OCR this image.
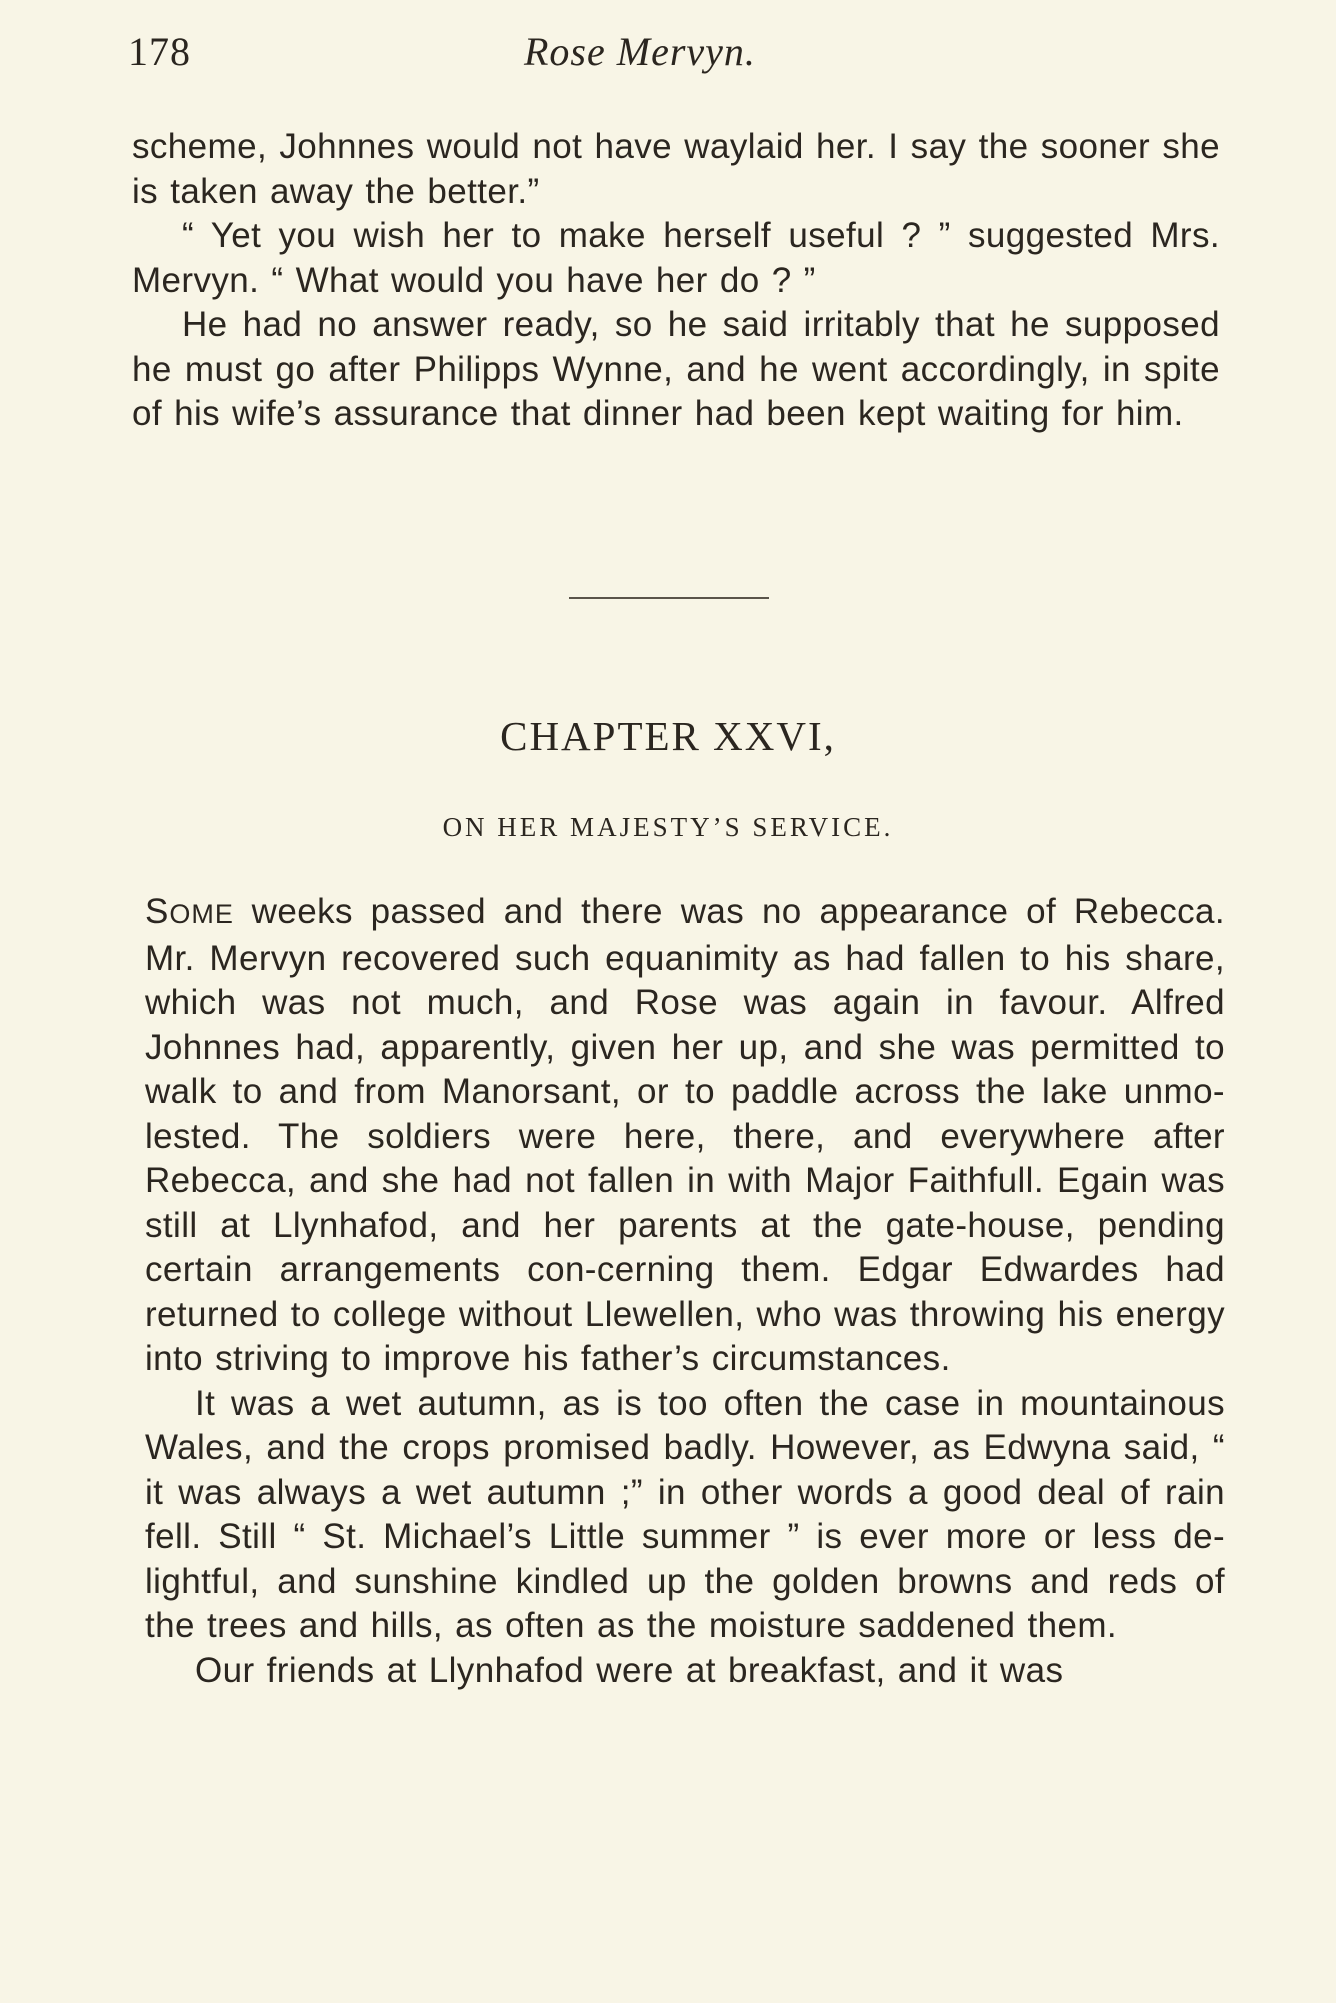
178	Rose Mervyn.

scheme, Johnnes would not have waylaid her. I say the sooner she is taken away the better.”

“ Yet you wish her to make herself useful ? ” suggested Mrs. Mervyn. “ What would you have her do ? ”

He had no answer ready, so he said irritably that he supposed he must go after Philipps Wynne, and he went accordingly, in spite of his wife’s assurance that dinner had been kept waiting for him.

CHAPTER XXVI,
ON HER MAJESTY’S SERVICE.

SOME weeks passed and there was no appearance of Rebecca. Mr. Mervyn recovered such equanimity as had fallen to his share, which was not much, and Rose was again in favour. Alfred Johnnes had, apparently, given her up, and she was permitted to walk to and from Manorsant, or to paddle across the lake unmo-lested. The soldiers were here, there, and everywhere after Rebecca, and she had not fallen in with Major Faithfull. Egain was still at Llynhafod, and her parents at the gate-house, pending certain arrangements con-cerning them. Edgar Edwardes had returned to college without Llewellen, who was throwing his energy into striving to improve his father’s circumstances.

It was a wet autumn, as is too often the case in mountainous Wales, and the crops promised badly. However, as Edwyna said, “ it was always a wet autumn ;” in other words a good deal of rain fell. Still “ St. Michael’s Little summer ” is ever more or less de-lightful, and sunshine kindled up the golden browns and reds of the trees and hills, as often as the moisture saddened them.

Our friends at Llynhafod were at breakfast, and it was
